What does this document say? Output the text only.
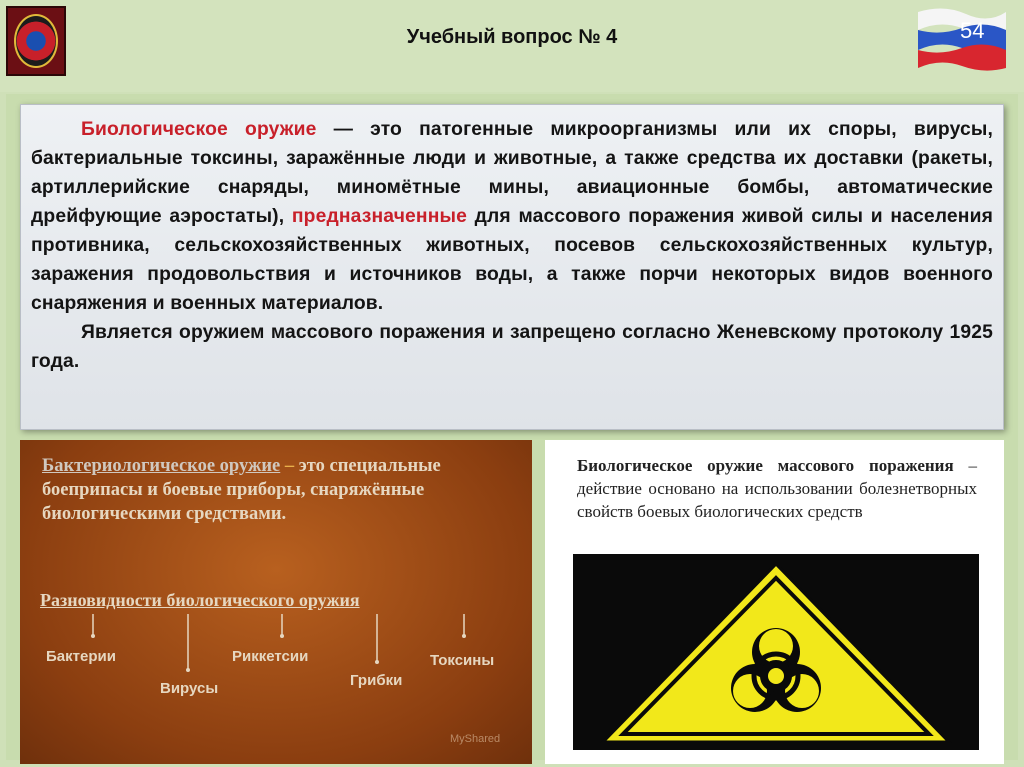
Учебный вопрос № 4	54

Биологическое оружие — это патогенные микроорганизмы или их споры, вирусы, бактериальные токсины, заражённые люди и животные, а также средства их доставки (ракеты, артиллерийские снаряды, миномётные мины, авиационные бомбы, автоматические дрейфующие аэростаты), предназначенные для массового поражения живой силы и населения противника, сельскохозяйственных животных, посевов сельскохозяйственных культур, заражения продовольствия и источников воды, а также порчи некоторых видов военного снаряжения и военных материалов.

Является оружием массового поражения и запрещено согласно Женевскому протоколу 1925 года.

Бактериологическое оружие – это специальные боеприпасы и боевые приборы, снаряжённые биологическими средствами.
MyShared
Разновидности биологического оружия
Бактерии
Вирусы
Риккетсии
Грибки
Токсины
Биологическое оружие массового поражения – действие основано на использовании болезнетворных свойств боевых биологических средств
